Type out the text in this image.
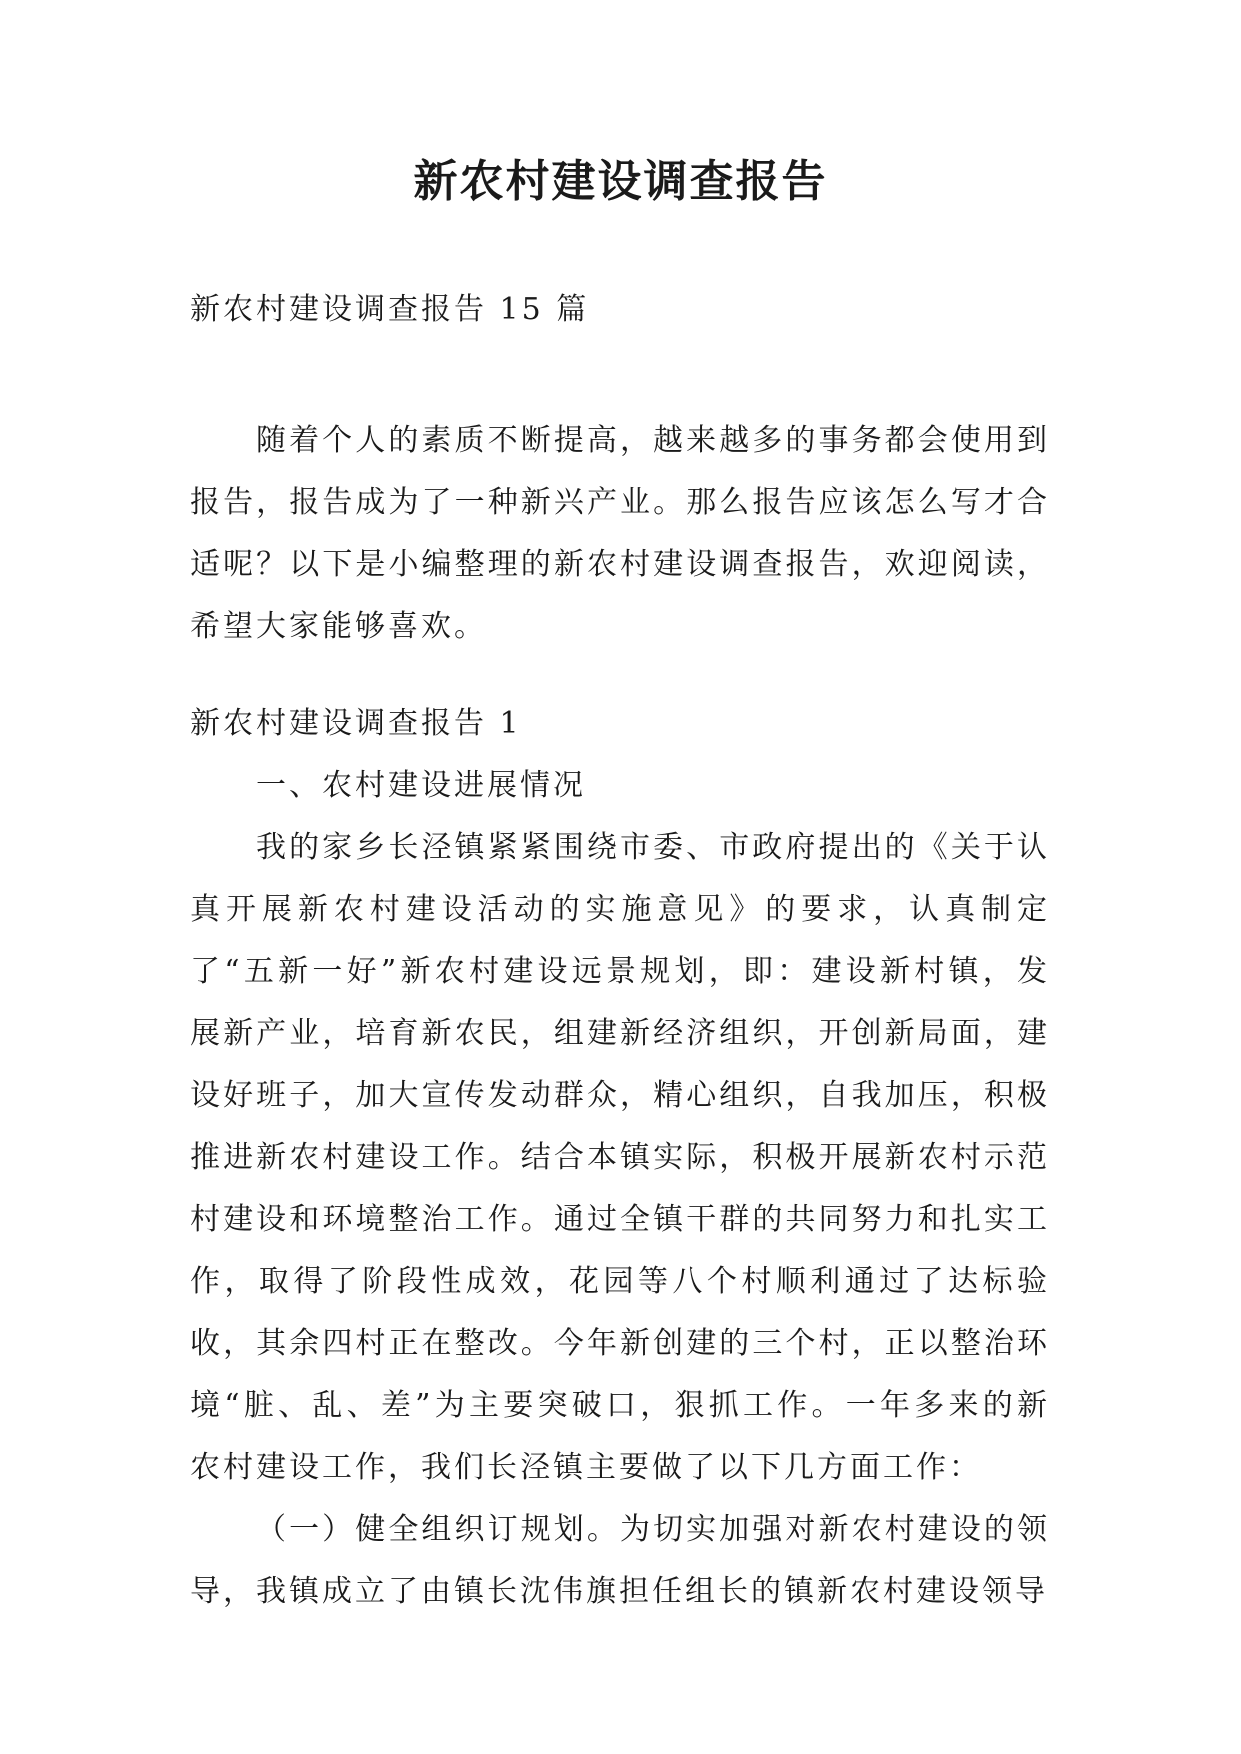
新农村建设调查报告
新农村建设调查报告 15 篇

随着个人的素质不断提高，越来越多的事务都会使用到报告，报告成为了一种新兴产业。那么报告应该怎么写才合适呢？以下是小编整理的新农村建设调查报告，欢迎阅读，希望大家能够喜欢。

新农村建设调查报告 1

一、农村建设进展情况

我的家乡长泾镇紧紧围绕市委、市政府提出的《关于认真开展新农村建设活动的实施意见》的要求，认真制定了“五新一好”新农村建设远景规划，即：建设新村镇，发展新产业，培育新农民，组建新经济组织，开创新局面，建设好班子，加大宣传发动群众，精心组织，自我加压，积极推进新农村建设工作。结合本镇实际，积极开展新农村示范村建设和环境整治工作。通过全镇干群的共同努力和扎实工作，取得了阶段性成效，花园等八个村顺利通过了达标验收，其余四村正在整改。今年新创建的三个村，正以整治环境“脏、乱、差”为主要突破口，狠抓工作。一年多来的新农村建设工作，我们长泾镇主要做了以下几方面工作：

（一）健全组织订规划。为切实加强对新农村建设的领导，我镇成立了由镇长沈伟旗担任组长的镇新农村建设领导
